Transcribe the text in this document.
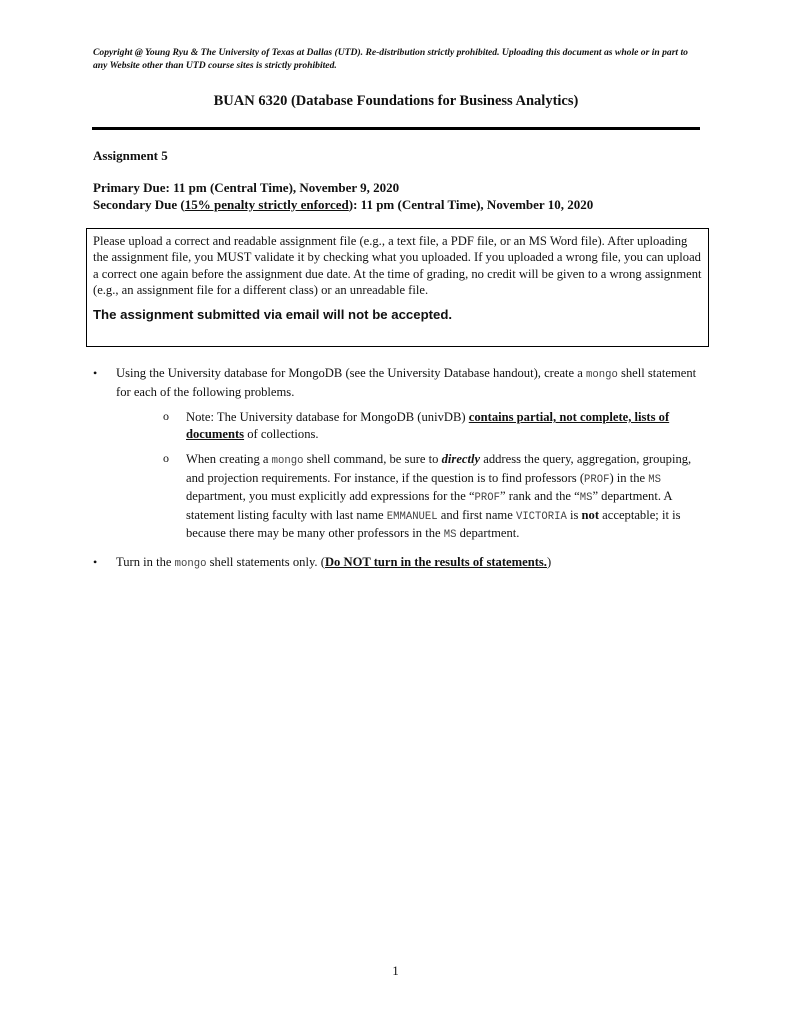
Copyright @ Young Ryu & The University of Texas at Dallas (UTD). Re-distribution strictly prohibited. Uploading this document as whole or in part to any Website other than UTD course sites is strictly prohibited.
BUAN 6320 (Database Foundations for Business Analytics)
Assignment 5
Primary Due: 11 pm (Central Time), November 9, 2020
Secondary Due (15% penalty strictly enforced): 11 pm (Central Time), November 10, 2020
Please upload a correct and readable assignment file (e.g., a text file, a PDF file, or an MS Word file). After uploading the assignment file, you MUST validate it by checking what you uploaded. If you uploaded a wrong file, you can upload a correct one again before the assignment due date. At the time of grading, no credit will be given to a wrong assignment (e.g., an assignment file for a different class) or an unreadable file.
The assignment submitted via email will not be accepted.
• Using the University database for MongoDB (see the University Database handout), create a mongo shell statement for each of the following problems.
o Note: The University database for MongoDB (univDB) contains partial, not complete, lists of documents of collections.
o When creating a mongo shell command, be sure to directly address the query, aggregation, grouping, and projection requirements. For instance, if the question is to find professors (PROF) in the MS department, you must explicitly add expressions for the “PROF” rank and the “MS” department. A statement listing faculty with last name EMMANUEL and first name VICTORIA is not acceptable; it is because there may be many other professors in the MS department.
• Turn in the mongo shell statements only. (Do NOT turn in the results of statements.)
1
